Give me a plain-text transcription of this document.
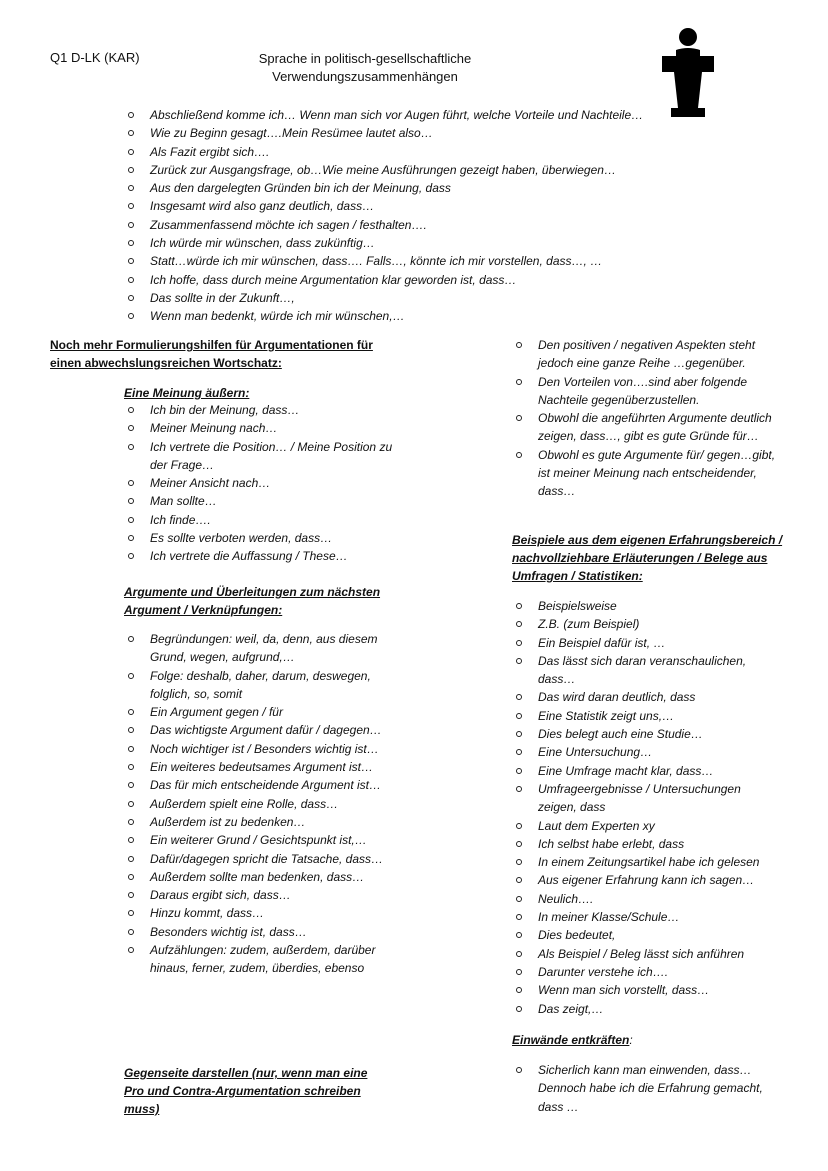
Q1 D-LK (KAR)	Sprache in politisch-gesellschaftliche
Verwendungszusammenhängen
Abschließend komme ich… Wenn man sich vor Augen führt, welche Vorteile und Nachteile…
Wie zu Beginn gesagt….Mein Resümee lautet also…
Als Fazit ergibt sich….
Zurück zur Ausgangsfrage, ob…Wie meine Ausführungen gezeigt haben, überwiegen…
Aus den dargelegten Gründen bin ich der Meinung, dass
Insgesamt wird also ganz deutlich, dass…
Zusammenfassend möchte ich sagen / festhalten….
Ich würde mir wünschen, dass zukünftig…
Statt…würde ich mir wünschen, dass…. Falls…, könnte ich mir vorstellen, dass…, …
Ich hoffe, dass durch meine Argumentation klar geworden ist, dass…
Das sollte in der Zukunft…,
Wenn man bedenkt, würde ich mir wünschen,…
Noch mehr Formulierungshilfen für Argumentationen für einen abwechslungsreichen Wortschatz:
Eine Meinung äußern:
Ich bin der Meinung, dass…
Meiner Meinung nach…
Ich vertrete die Position… / Meine Position zu der Frage…
Meiner Ansicht nach…
Man sollte…
Ich finde….
Es sollte verboten werden, dass…
Ich vertrete die Auffassung / These…
Argumente und Überleitungen zum nächsten Argument / Verknüpfungen:
Begründungen: weil, da, denn, aus diesem Grund, wegen, aufgrund,…
Folge: deshalb, daher, darum, deswegen, folglich, so, somit
Ein Argument gegen / für
Das wichtigste Argument dafür / dagegen…
Noch wichtiger ist / Besonders wichtig ist…
Ein weiteres bedeutsames Argument ist…
Das für mich entscheidende Argument ist…
Außerdem spielt eine Rolle, dass…
Außerdem ist zu bedenken…
Ein weiterer Grund / Gesichtspunkt ist,…
Dafür/dagegen spricht die Tatsache, dass…
Außerdem sollte man bedenken, dass…
Daraus ergibt sich, dass…
Hinzu kommt, dass…
Besonders wichtig ist, dass…
Aufzählungen: zudem, außerdem, darüber hinaus, ferner, zudem, überdies, ebenso
Gegenseite darstellen (nur, wenn man eine Pro und Contra-Argumentation schreiben muss)
Den positiven / negativen Aspekten steht jedoch eine ganze Reihe …gegenüber.
Den Vorteilen von….sind aber folgende Nachteile gegenüberzustellen.
Obwohl die angeführten Argumente deutlich zeigen, dass…, gibt es gute Gründe für…
Obwohl es gute Argumente für/ gegen…gibt, ist meiner Meinung nach entscheidender, dass…
Beispiele aus dem eigenen Erfahrungsbereich / nachvollziehbare Erläuterungen / Belege aus Umfragen / Statistiken:
Beispielsweise
Z.B. (zum Beispiel)
Ein Beispiel dafür ist, …
Das lässt sich daran veranschaulichen, dass…
Das wird daran deutlich, dass
Eine Statistik zeigt uns,…
Dies belegt auch eine Studie…
Eine Untersuchung…
Eine Umfrage macht klar, dass…
Umfrageergebnisse / Untersuchungen zeigen, dass
Laut dem Experten xy
Ich selbst habe erlebt, dass
In einem Zeitungsartikel habe ich gelesen
Aus eigener Erfahrung kann ich sagen…
Neulich….
In meiner Klasse/Schule…
Dies bedeutet,
Als Beispiel / Beleg lässt sich anführen
Darunter verstehe ich….
Wenn man sich vorstellt, dass…
Das zeigt,…
Einwände entkräften:
Sicherlich kann man einwenden, dass… Dennoch habe ich die Erfahrung gemacht, dass …
